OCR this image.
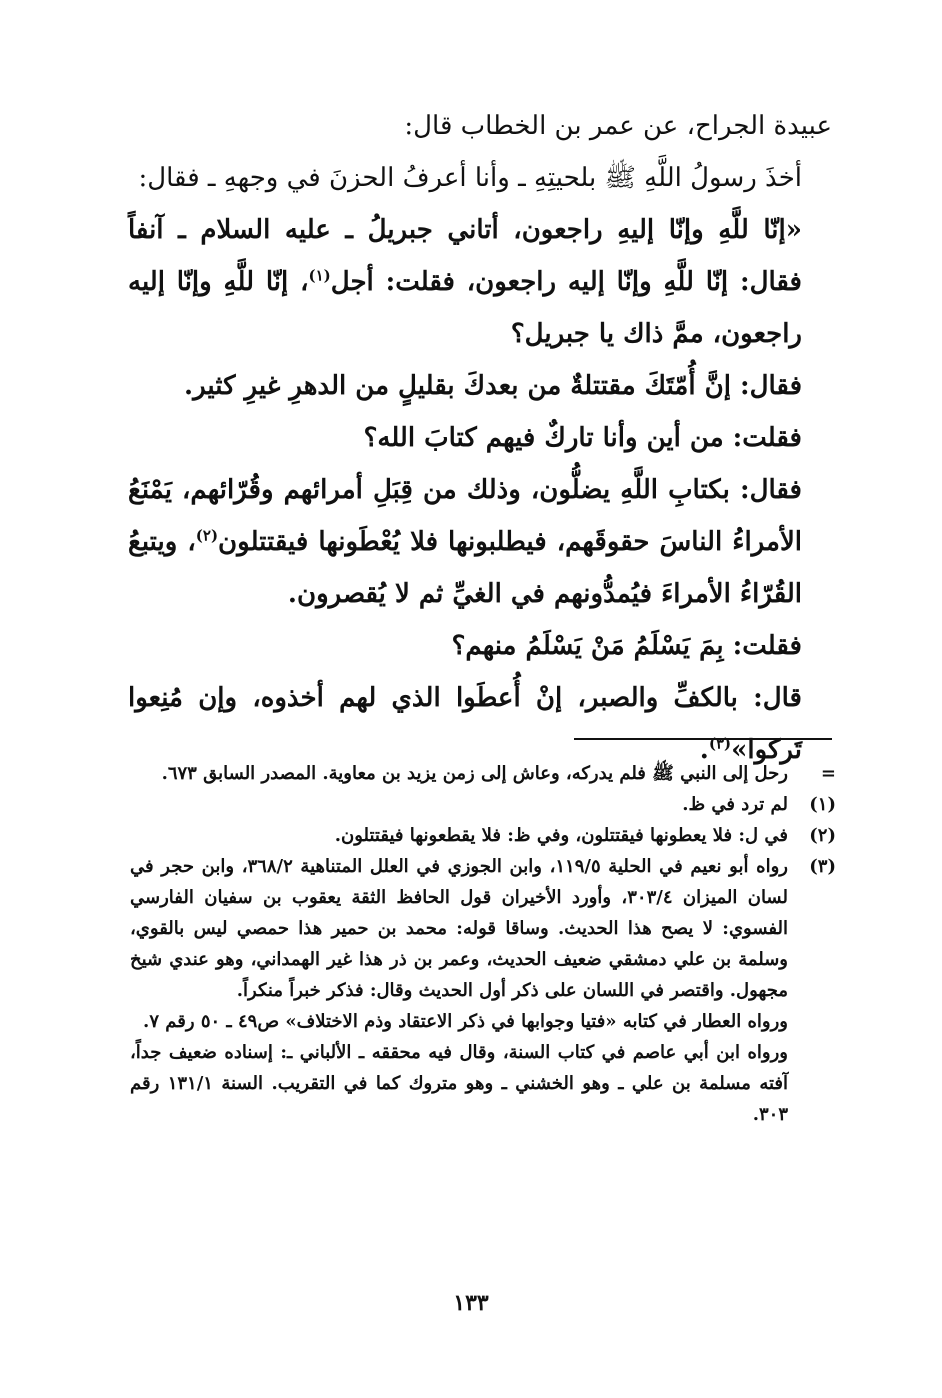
عبيدة الجراح، عن عمر بن الخطاب قال:

أخذَ رسولُ اللَّهِ ﷺ بلحيتِهِ ـ وأنا أعرفُ الحزنَ في وجههِ ـ فقال:

«إنّا للَّهِ وإنّا إليهِ راجعون، أتاني جبريلُ ـ عليه السلام ـ آنفاً فقال: إنّا للَّهِ وإنّا إليه راجعون، فقلت: أجل$^{(١)}$، إنّا للَّهِ وإنّا إليه راجعون، ممَّ ذاك يا جبريل؟

فقال: إنَّ أُمّتَكَ مقتتلةٌ من بعدكَ بقليلٍ من الدهرِ غيرِ كثير.

فقلت: من أين وأنا تاركٌ فيهم كتابَ الله؟

فقال: بكتابِ اللَّهِ يضلُّون، وذلك من قِبَلِ أمرائهم وقُرّائهم، يَمْنَعُ الأمراءُ الناسَ حقوقَهم، فيطلبونها فلا يُعْطَونها فيقتتلون$^{(٢)}$، ويتبعُ القُرّاءُ الأمراءَ فيُمدُّونهم في الغيِّ ثم لا يُقصرون.

فقلت: بِمَ يَسْلَمُ مَنْ يَسْلَمُ منهم؟

قال: بالكفِّ والصبر، إنْ أُعطَوا الذي لهم أخذوه، وإن مُنِعوا تَركوا»$^{(٣)}$.

=
رحل إلى النبي ﷺ فلم يدركه، وعاش إلى زمن يزيد بن معاوية. المصدر السابق ٦٧٣.
(١)
لم ترد في ظ.
(٢)
في ل: فلا يعطونها فيقتتلون، وفي ظ: فلا يقطعونها فيقتتلون.
(٣)
رواه أبو نعيم في الحلية ١١٩/٥، وابن الجوزي في العلل المتناهية ٣٦٨/٢، وابن حجر في لسان الميزان ٣٠٣/٤، وأورد الأخيران قول الحافظ الثقة يعقوب بن سفيان الفارسي الفسوي: لا يصح هذا الحديث. وساقا قوله: محمد بن حمير هذا حمصي ليس بالقوي، وسلمة بن علي دمشقي ضعيف الحديث، وعمر بن ذر هذا غير الهمداني، وهو عندي شيخ مجهول. واقتصر في اللسان على ذكر أول الحديث وقال: فذكر خبراً منكراً.
ورواه العطار في كتابه «فتيا وجوابها في ذكر الاعتقاد وذم الاختلاف» ص٤٩ ـ ٥٠ رقم ٧.
ورواه ابن أبي عاصم في كتاب السنة، وقال فيه محققه ـ الألباني ـ: إسناده ضعيف جداً، آفته مسلمة بن علي ـ وهو الخشني ـ وهو متروك كما في التقريب. السنة ١٣١/١ رقم ٣٠٣.
١٣٣
